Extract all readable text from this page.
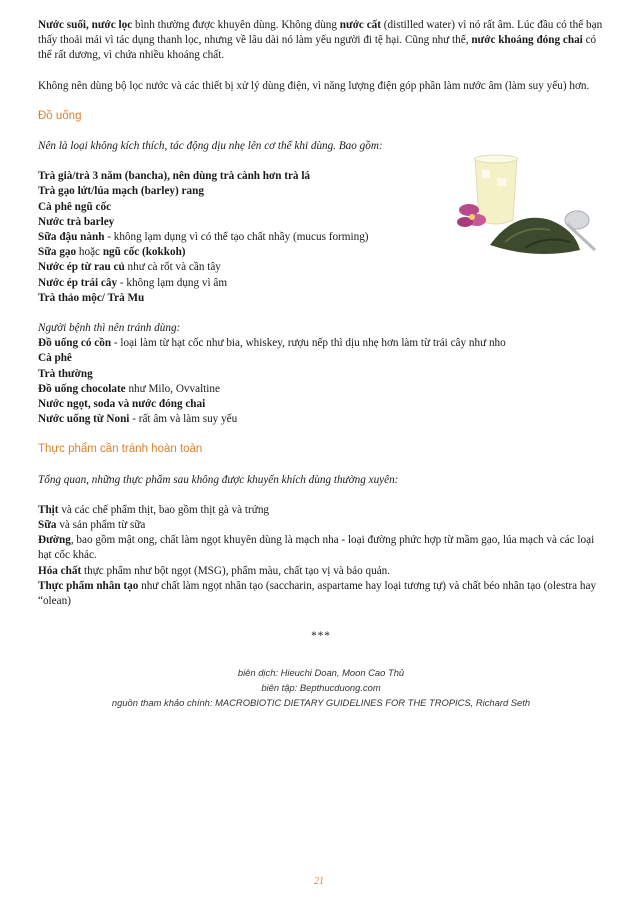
Nước suối, nước lọc bình thường được khuyên dùng. Không dùng nước cất (distilled water) vì nó rất âm. Lúc đầu có thể bạn thấy thoải mái vì tác dụng thanh lọc, nhưng về lâu dài nó làm yếu người đi tệ hại. Cũng như thế, nước khoáng đóng chai có thể rất dương, vì chứa nhiều khoáng chất.

Không nên dùng bộ lọc nước và các thiết bị xử lý dùng điện, vì năng lượng điện góp phần làm nước âm (làm suy yếu) hơn.

Đồ uống

Nên là loại không kích thích, tác động dịu nhẹ lên cơ thể khi dùng. Bao gồm:

Trà già/trà 3 năm (bancha), nên dùng trà cành hơn trà lá

Trà gạo lứt/lúa mạch (barley) rang

Cà phê ngũ cốc

Nước trà barley

Sữa đậu nành - không lạm dụng vì có thể tạo chất nhầy (mucus forming)

Sữa gạo hoặc ngũ cốc (kokkoh)

Nước ép từ rau củ như cà rốt và cần tây

Nước ép trái cây - không lạm dụng vì âm

Trà thảo mộc/ Trà Mu

Người bệnh thì nên tránh dùng:

Đồ uống có cồn - loại làm từ hạt cốc như bia, whiskey, rượu nếp thì dịu nhẹ hơn làm từ trái cây như nho

Cà phê

Trà thường

Đồ uống chocolate như Milo, Ovvaltine

Nước ngọt, soda và nước đóng chai

Nước uống từ Noni - rất âm và làm suy yếu

Thực phẩm cần tránh hoàn toàn

Tổng quan, những thực phẩm sau không được khuyến khích dùng thường xuyên:

Thịt và các chế phẩm thịt, bao gồm thịt gà và trứng

Sữa và sản phẩm từ sữa

Đường, bao gồm mật ong, chất làm ngọt khuyên dùng là mạch nha - loại đường phức hợp từ mầm gạo, lúa mạch và các loại hạt cốc khác.

Hóa chất thực phẩm như bột ngọt (MSG), phẩm màu, chất tạo vị và bảo quản.

Thực phẩm nhân tạo như chất làm ngọt nhân tạo (saccharin, aspartame hay loại tương tự) và chất béo nhân tạo (olestra hay “olean)

***

biên dịch: Hieuchi Doan, Moon Cao Thủ

biên tập: Bepthucduong.com

nguồn tham khảo chính: MACROBIOTIC DIETARY GUIDELINES FOR THE TROPICS, Richard Seth

21
